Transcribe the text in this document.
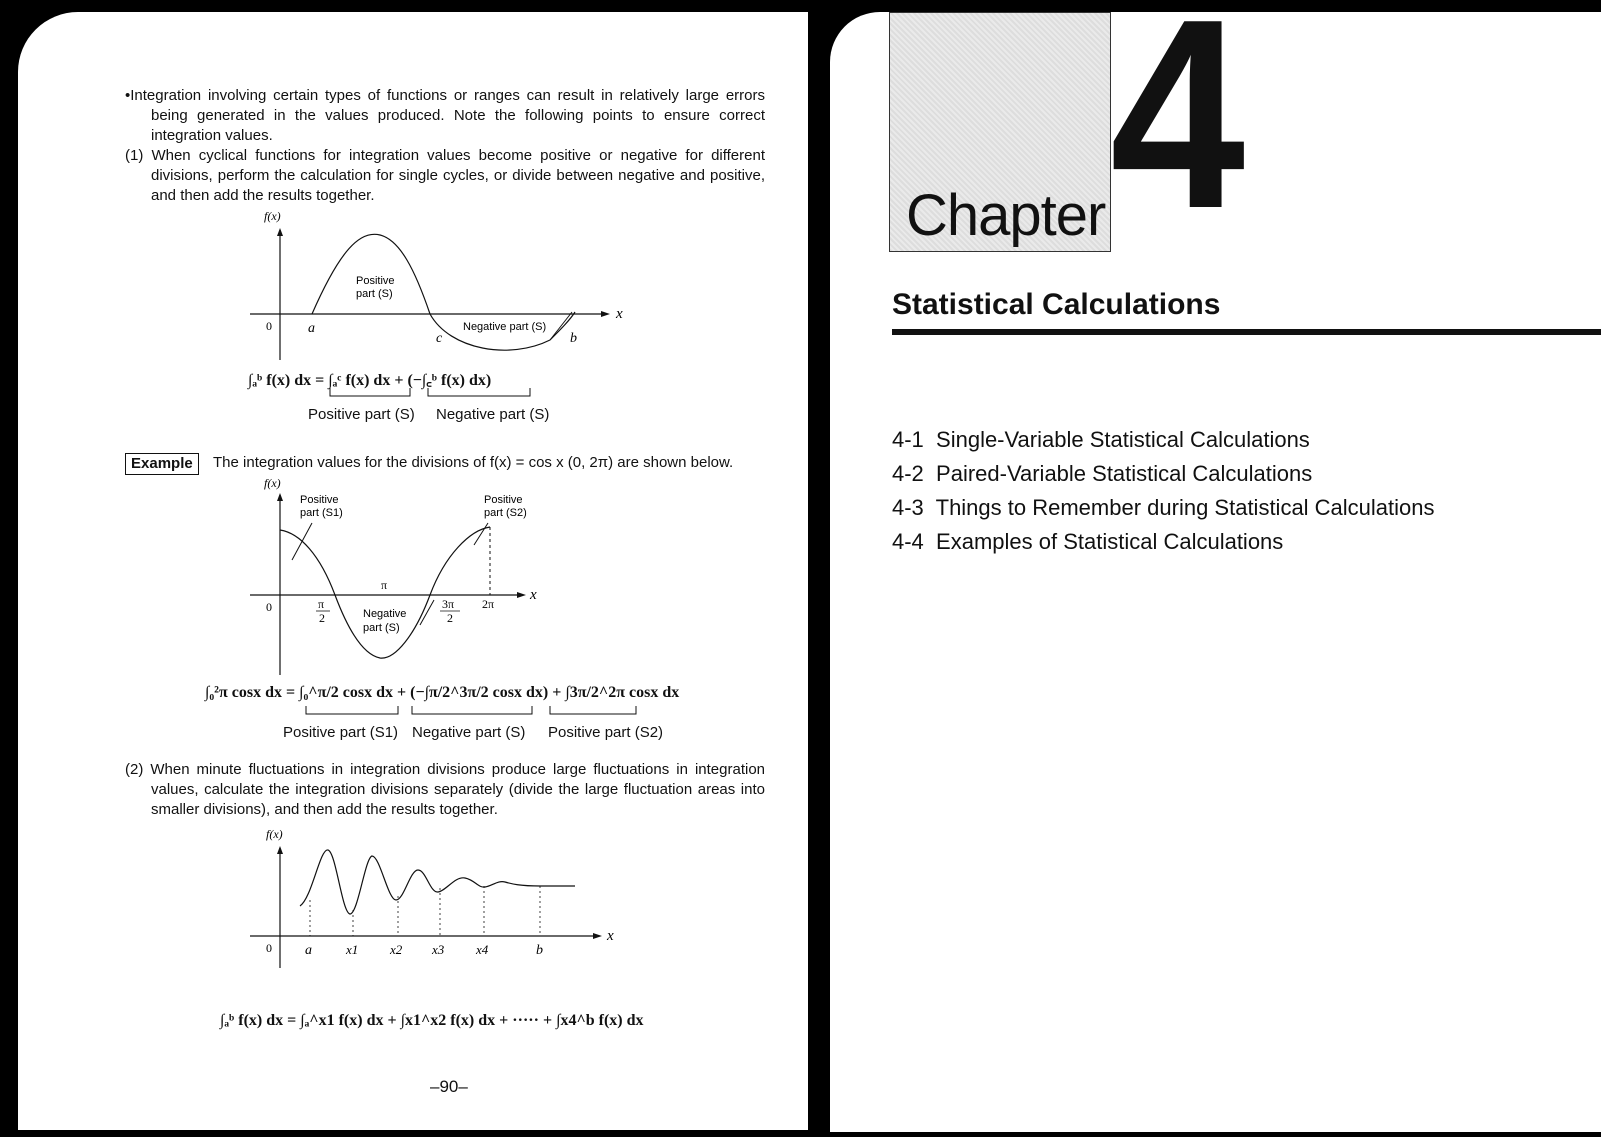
•Integration involving certain types of functions or ranges can result in relatively large errors being generated in the values produced. Note the following points to ensure correct integration values.
(1) When cyclical functions for integration values become positive or negative for different divisions, perform the calculation for single cycles, or divide between negative and positive, and then add the results together.
f(x)
x
0	a
c	b
Positive
part (S)
Negative part (S)
∫ₐᵇ f(x) dx = ∫ₐᶜ f(x) dx + (−∫꜀ᵇ f(x) dx)
Positive part (S) Negative part (S)
Example	The integration values for the divisions of f(x) = cos x (0, 2π) are shown below.
f(x)
x
0
Positive
part (S1)
Positive
part (S2)
Negative
part (S)
π
π
2
3π
2
2π
∫₀²π cosx dx = ∫₀^π/2 cosx dx + (−∫π/2^3π/2 cosx dx) + ∫3π/2^2π cosx dx
Positive part (S1) Negative part (S) Positive part (S2)
(2) When minute fluctuations in integration divisions produce large fluctuations in integration values, calculate the integration divisions separately (divide the large fluctuation areas into smaller divisions), and then add the results together.
f(x)
x
0 a	x1 x2 x3 x4	b
∫ₐᵇ f(x) dx = ∫ₐ^x1 f(x) dx + ∫x1^x2 f(x) dx + ····· + ∫x4^b f(x) dx
–90–
Chapter 4
Statistical Calculations
4-1 Single-Variable Statistical Calculations
4-2 Paired-Variable Statistical Calculations
4-3 Things to Remember during Statistical Calculations
4-4 Examples of Statistical Calculations
